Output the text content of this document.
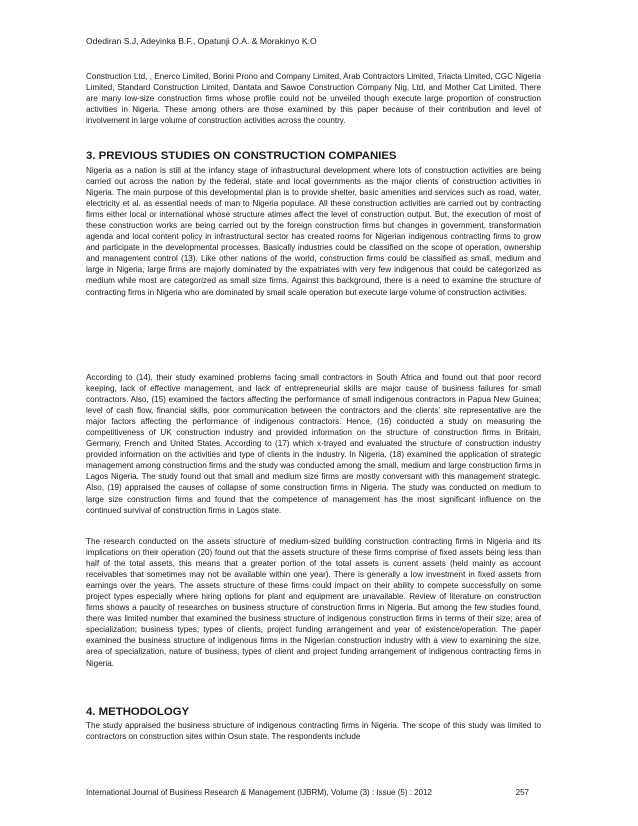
Odediran S.J, Adeyinka B.F., Opatunji O.A. & Morakinyo K.O

Construction Ltd, , Enerco Limited, Borini Prono and Company Limited, Arab Contractors Limited, Triacta Limited, CGC Nigeria Limited, Standard Construction Limited, Dantata and Sawoe Construction Company Nig, Ltd, and Mother Cat Limited. There are many low-size construction firms whose profile could not be unveiled though execute large proportion of construction activities in Nigeria. These among others are those examined by this paper because of their contribution and level of involvement in large volume of construction activities across the country.

3. PREVIOUS STUDIES ON CONSTRUCTION COMPANIES

Nigeria as a nation is still at the infancy stage of infrastructural development where lots of construction activities are being carried out across the nation by the federal, state and local governments as the major clients of construction activities in Nigeria. The main purpose of this developmental plan is to provide shelter, basic amenities and services such as road, water, electricity et al. as essential needs of man to Nigeria populace. All these construction activities are carried out by contracting firms either local or international whose structure atimes affect the level of construction output. But, the execution of most of these construction works are being carried out by the foreign construction firms but changes in government, transformation agenda and local content policy in infrastructural sector has created rooms for Nigerian indigenous contracting firms to grow and participate in the developmental processes. Basically industries could be classified on the scope of operation, ownership and management control (13). Like other nations of the world, construction firms could be classified as small, medium and large in Nigeria, large firms are majorly dominated by the expatriates with very few indigenous that could be categorized as medium while most are categorized as small size firms. Against this background, there is a need to examine the structure of contracting firms in Nigeria who are dominated by small scale operation but execute large volume of construction activities.

According to (14), their study examined problems facing small contractors in South Africa and found out that poor record keeping, lack of effective management, and lack of entrepreneurial skills are major cause of business failures for small contractors. Also, (15) examined the factors affecting the performance of small indigenous contractors in Papua New Guinea; level of cash flow, financial skills, poor communication between the contractors and the clients’ site representative are the major factors affecting the performance of indigenous contractors. Hence, (16) conducted a study on measuring the competitiveness of UK construction industry and provided information on the structure of construction firms in Britain, Germany, French and United States. According to (17) which x-trayed and evaluated the structure of construction industry provided information on the activities and type of clients in the industry. In Nigeria, (18) examined the application of strategic management among construction firms and the study was conducted among the small, medium and large construction firms in Lagos Nigeria. The study found out that small and medium size firms are mostly conversant with this management strategic. Also, (19) appraised the causes of collapse of some construction firms in Nigeria. The study was conducted on medium to large size construction firms and found that the competence of management has the most significant influence on the continued survival of construction firms in Lagos state.

The research conducted on the assets structure of medium-sized building construction contracting firms in Nigeria and its implications on their operation (20) found out that the assets structure of these firms comprise of fixed assets being less than half of the total assets, this means that a greater portion of the total assets is current assets (held mainly as account receivables that sometimes may not be available within one year). There is generally a low investment in fixed assets from earnings over the years. The assets structure of these firms could impact on their ability to compete successfully on some project types especially where hiring options for plant and equipment are unavailable. Review of literature on construction firms shows a paucity of researches on business structure of construction firms in Nigeria. But among the few studies found, there was limited number that examined the business structure of indigenous construction firms in terms of their size; area of specialization; business types; types of clients, project funding arrangement and year of existence/operation. The paper examined the business structure of indigenous firms in the Nigerian construction industry with a view to examining the size, area of specialization, nature of business, types of client and project funding arrangement of indigenous contracting firms in Nigeria.

4. METHODOLOGY

The study appraised the business structure of indigenous contracting firms in Nigeria. The scope of this study was limited to contractors on construction sites within Osun state. The respondents include

International Journal of Business Research & Management (IJBRM), Volume (3) : Issue (5) : 2012	257
